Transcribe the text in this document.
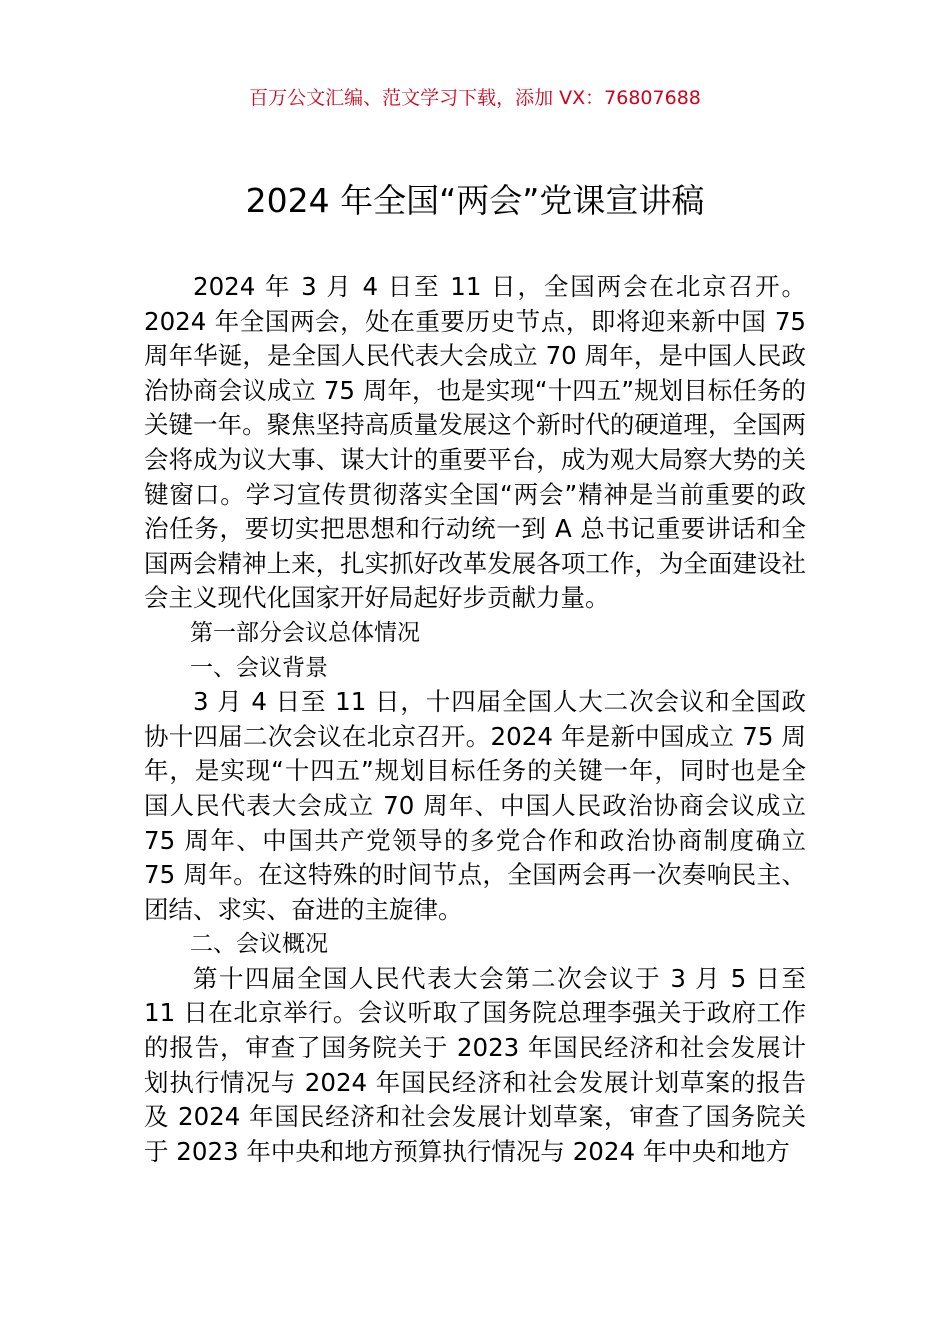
百万公文汇编、范文学习下载，添加 VX：76807688
2024 年全国“两会”党课宣讲稿

2024 年 3 月 4 日至 11 日，全国两会在北京召开。2024 年全国两会，处在重要历史节点，即将迎来新中国 75 周年华诞，是全国人民代表大会成立 70 周年，是中国人民政治协商会议成立 75 周年，也是实现“十四五”规划目标任务的关键一年。聚焦坚持高质量发展这个新时代的硬道理，全国两会将成为议大事、谋大计的重要平台，成为观大局察大势的关键窗口。学习宣传贯彻落实全国“两会”精神是当前重要的政治任务，要切实把思想和行动统一到 A 总书记重要讲话和全国两会精神上来，扎实抓好改革发展各项工作，为全面建设社会主义现代化国家开好局起好步贡献力量。

第一部分会议总体情况

一、会议背景

3 月 4 日至 11 日，十四届全国人大二次会议和全国政协十四届二次会议在北京召开。2024 年是新中国成立 75 周年，是实现“十四五”规划目标任务的关键一年，同时也是全国人民代表大会成立 70 周年、中国人民政治协商会议成立 75 周年、中国共产党领导的多党合作和政治协商制度确立 75 周年。在这特殊的时间节点，全国两会再一次奏响民主、团结、求实、奋进的主旋律。

二、会议概况

第十四届全国人民代表大会第二次会议于 3 月 5 日至 11 日在北京举行。会议听取了国务院总理李强关于政府工作的报告，审查了国务院关于 2023 年国民经济和社会发展计划执行情况与 2024 年国民经济和社会发展计划草案的报告及 2024 年国民经济和社会发展计划草案，审查了国务院关于 2023 年中央和地方预算执行情况与 2024 年中央和地方
